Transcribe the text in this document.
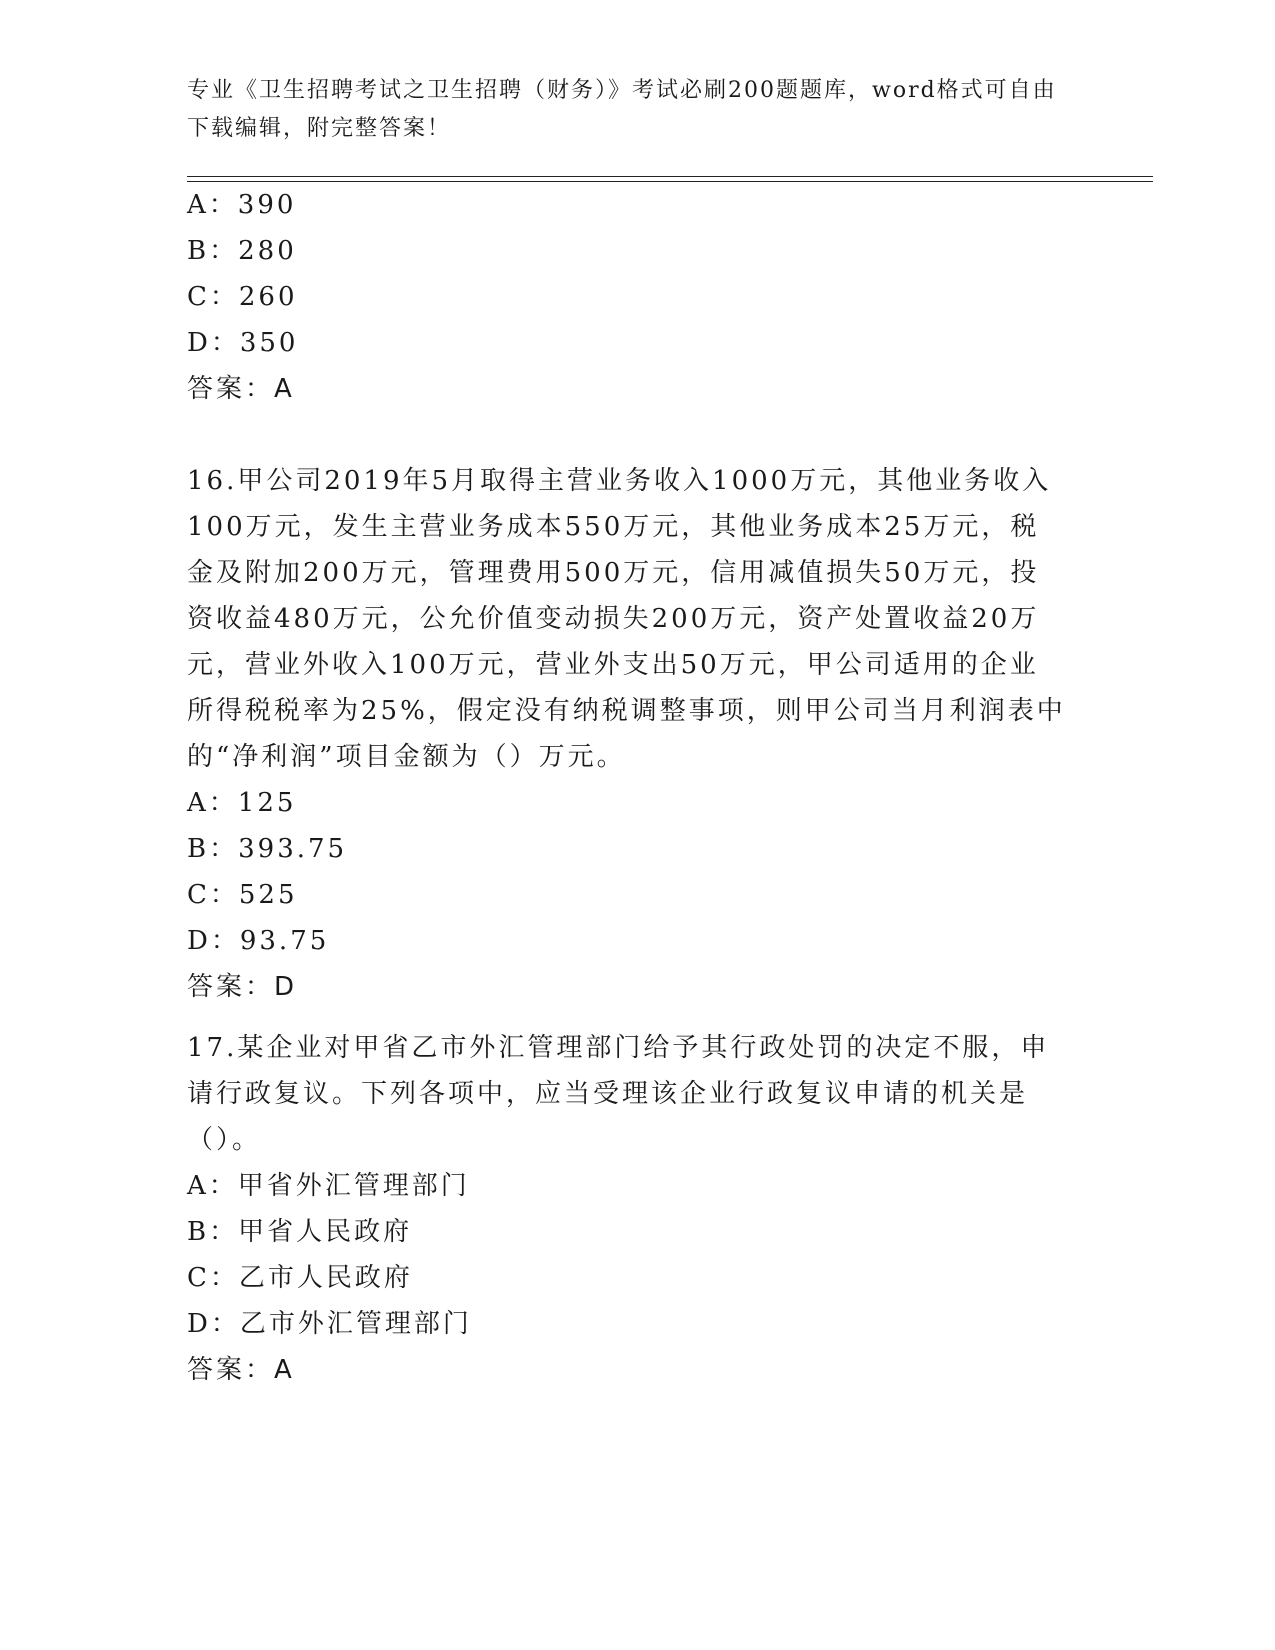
专业《卫生招聘考试之卫生招聘（财务）》考试必刷200题题库，word格式可自由下载编辑，附完整答案！
A：390
B：280
C：260
D：350
答案：A
16.甲公司2019年5月取得主营业务收入1000万元，其他业务收入100万元，发生主营业务成本550万元，其他业务成本25万元，税金及附加200万元，管理费用500万元，信用减值损失50万元，投资收益480万元，公允价值变动损失200万元，资产处置收益20万元，营业外收入100万元，营业外支出50万元，甲公司适用的企业所得税税率为25%，假定没有纳税调整事项，则甲公司当月利润表中的“净利润”项目金额为（）万元。
A：125
B：393.75
C：525
D：93.75
答案：D
17.某企业对甲省乙市外汇管理部门给予其行政处罚的决定不服，申请行政复议。下列各项中，应当受理该企业行政复议申请的机关是（）。
A：甲省外汇管理部门
B：甲省人民政府
C：乙市人民政府
D：乙市外汇管理部门
答案：A
